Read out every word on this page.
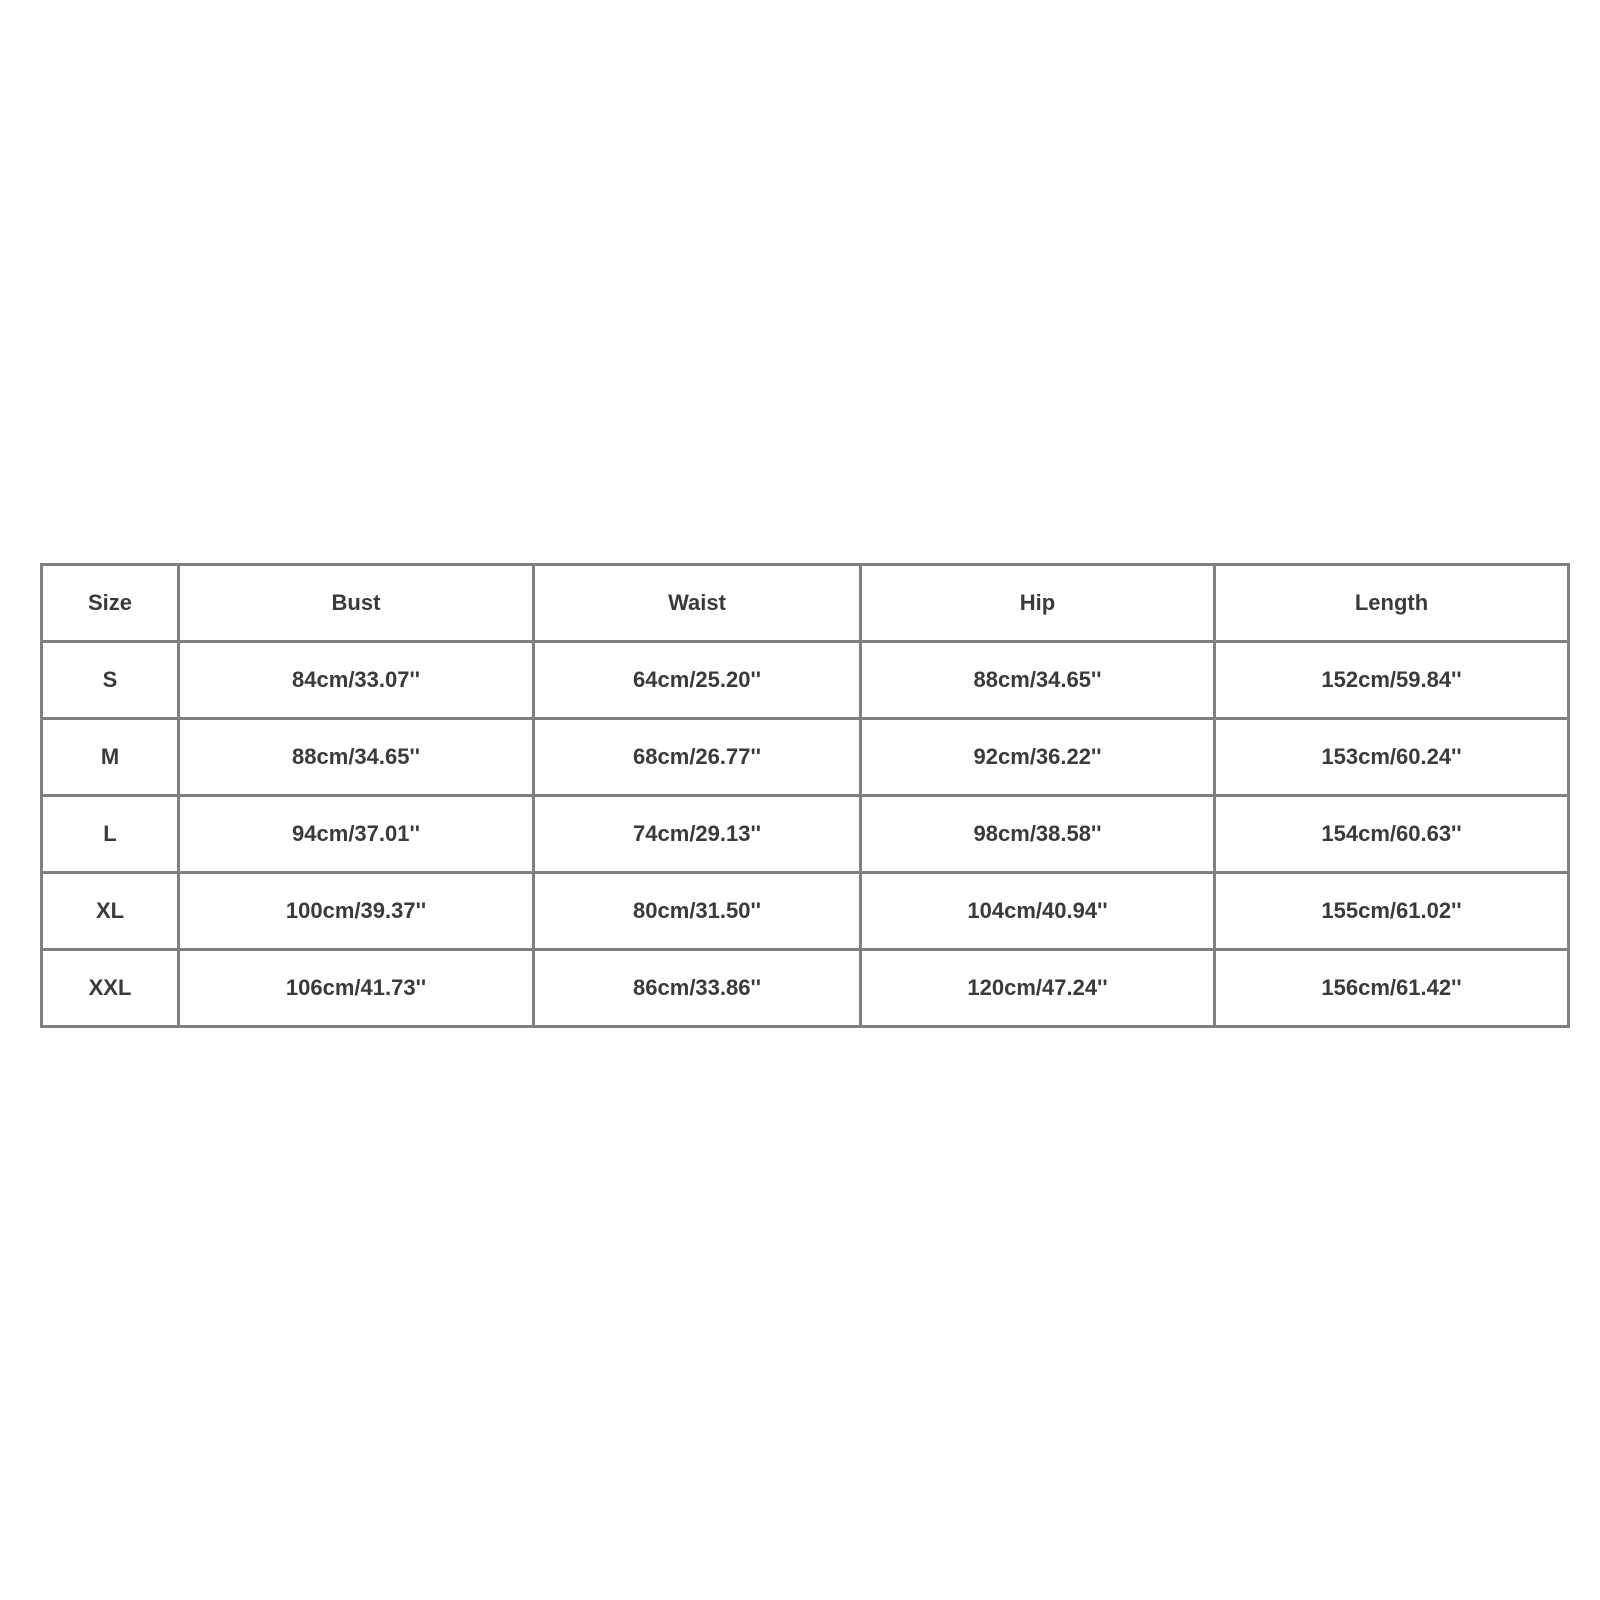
Size	Bust	Waist	Hip	Length
S	84cm/33.07''	64cm/25.20''	88cm/34.65''	152cm/59.84''
M	88cm/34.65''	68cm/26.77''	92cm/36.22''	153cm/60.24''
L	94cm/37.01''	74cm/29.13''	98cm/38.58''	154cm/60.63''
XL	100cm/39.37''	80cm/31.50''	104cm/40.94''	155cm/61.02''
XXL	106cm/41.73''	86cm/33.86''	120cm/47.24''	156cm/61.42''
